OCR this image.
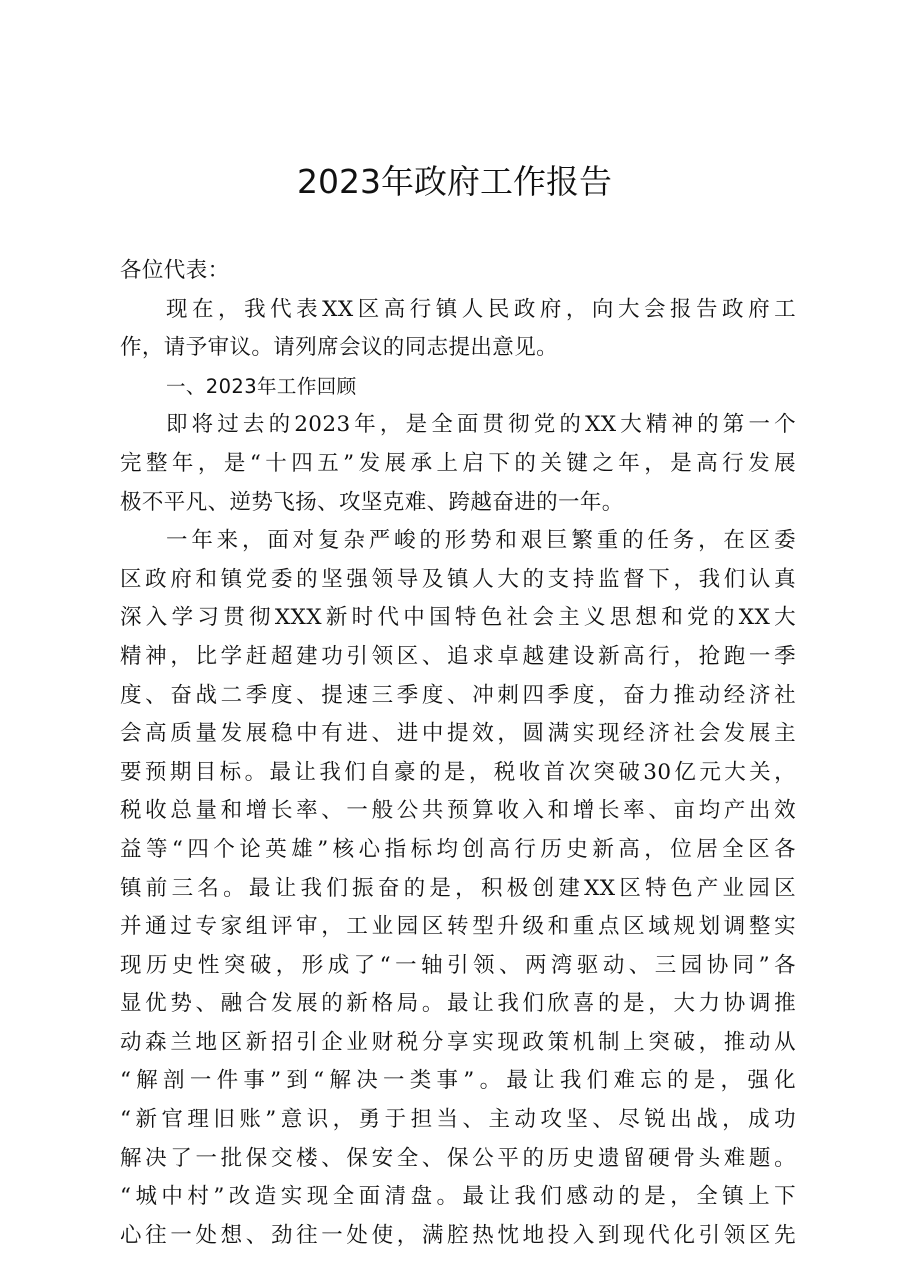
2023年政府工作报告
各位代表：
现在，我代表XX区高行镇人民政府，向大会报告政府工
作，请予审议。请列席会议的同志提出意见。
一、2023年工作回顾
即将过去的2023年，是全面贯彻党的XX大精神的第一个
完整年，是“十四五”发展承上启下的关键之年，是高行发展
极不平凡、逆势飞扬、攻坚克难、跨越奋进的一年。
一年来，面对复杂严峻的形势和艰巨繁重的任务，在区委
区政府和镇党委的坚强领导及镇人大的支持监督下，我们认真
深入学习贯彻XXX新时代中国特色社会主义思想和党的XX大
精神，比学赶超建功引领区、追求卓越建设新高行，抢跑一季
度、奋战二季度、提速三季度、冲刺四季度，奋力推动经济社
会高质量发展稳中有进、进中提效，圆满实现经济社会发展主
要预期目标。最让我们自豪的是，税收首次突破30亿元大关，
税收总量和增长率、一般公共预算收入和增长率、亩均产出效
益等“四个论英雄”核心指标均创高行历史新高，位居全区各
镇前三名。最让我们振奋的是，积极创建XX区特色产业园区
并通过专家组评审，工业园区转型升级和重点区域规划调整实
现历史性突破，形成了“一轴引领、两湾驱动、三园协同”各
显优势、融合发展的新格局。最让我们欣喜的是，大力协调推
动森兰地区新招引企业财税分享实现政策机制上突破，推动从
“解剖一件事”到“解决一类事”。最让我们难忘的是，强化
“新官理旧账”意识，勇于担当、主动攻坚、尽锐出战，成功
解决了一批保交楼、保安全、保公平的历史遗留硬骨头难题。
“城中村”改造实现全面清盘。最让我们感动的是，全镇上下
心往一处想、劲往一处使，满腔热忱地投入到现代化引领区先
